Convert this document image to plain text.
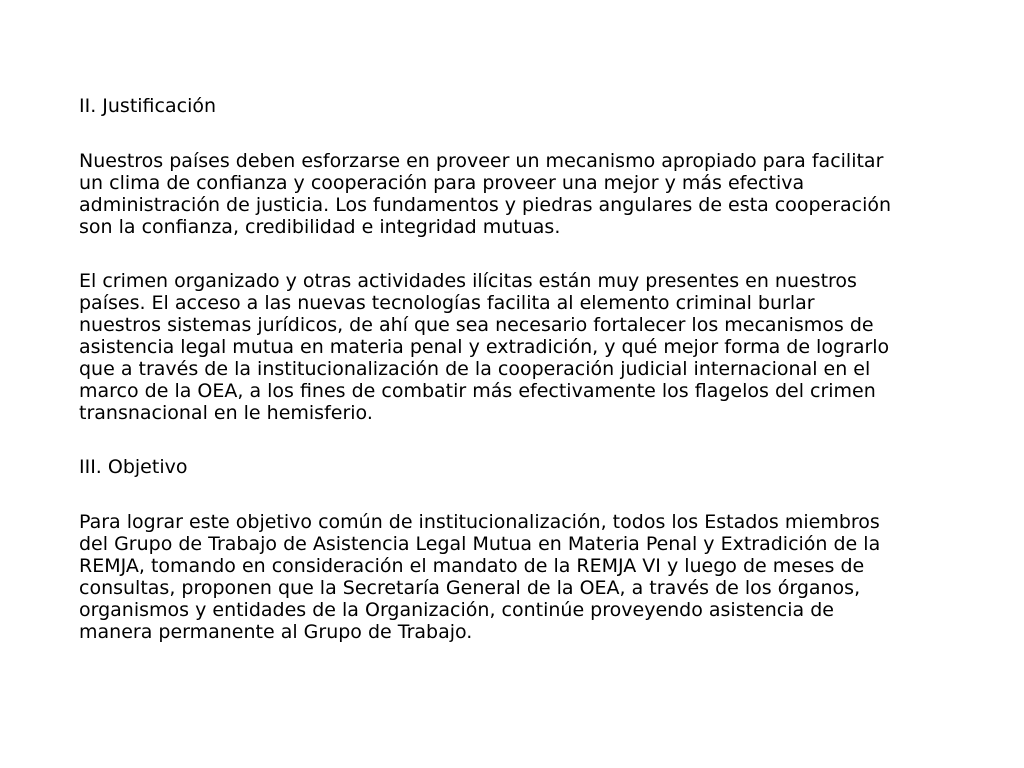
II. Justificación

Nuestros países deben esforzarse en proveer un mecanismo apropiado para facilitar
un clima de confianza y cooperación para proveer una mejor y más efectiva
administración de justicia. Los fundamentos y piedras angulares de esta cooperación
son la confianza, credibilidad e integridad mutuas.

El crimen organizado y otras actividades ilícitas están muy presentes en nuestros
países. El acceso a las nuevas tecnologías facilita al elemento criminal burlar
nuestros sistemas jurídicos, de ahí que sea necesario fortalecer los mecanismos de
asistencia legal mutua en materia penal y extradición, y qué mejor forma de lograrlo
que a través de la institucionalización de la cooperación judicial internacional en el
marco de la OEA, a los fines de combatir más efectivamente los flagelos del crimen
transnacional en le hemisferio.

III. Objetivo

Para lograr este objetivo común de institucionalización, todos los Estados miembros
del Grupo de Trabajo de Asistencia Legal Mutua en Materia Penal y Extradición de la
REMJA, tomando en consideración el mandato de la REMJA VI y luego de meses de
consultas, proponen que la Secretaría General de la OEA, a través de los órganos,
organismos y entidades de la Organización, continúe proveyendo asistencia de
manera permanente al Grupo de Trabajo.
